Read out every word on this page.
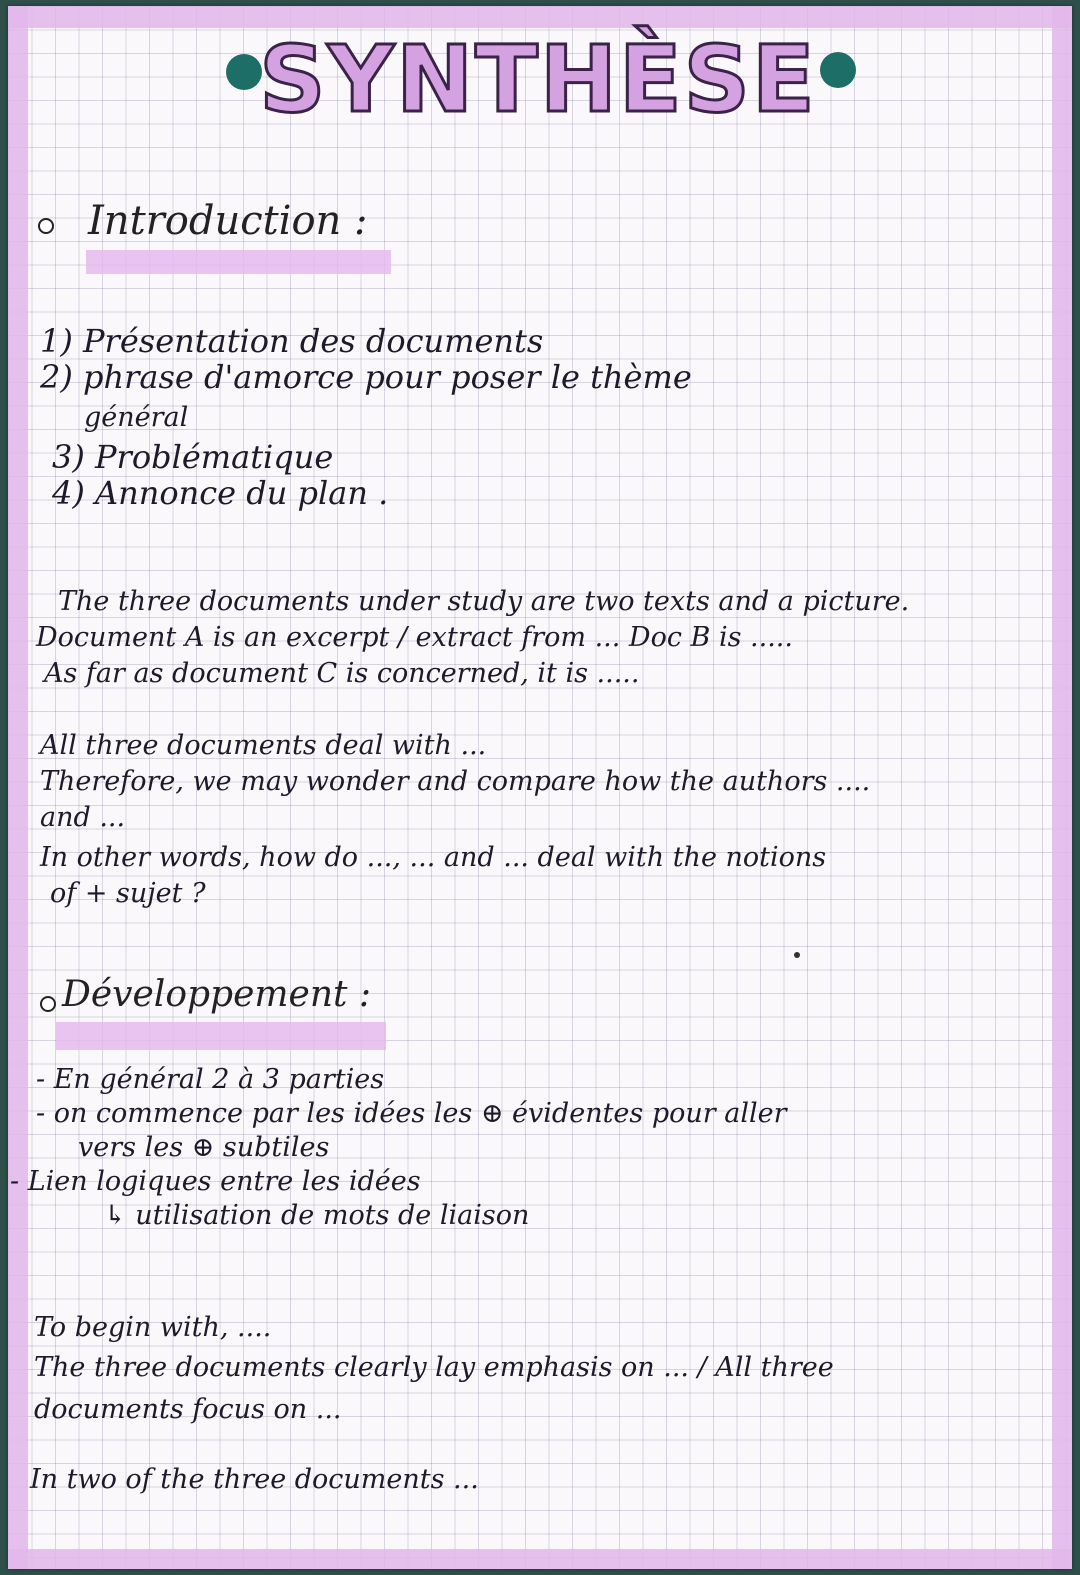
SYNTHÈSE
Introduction :
1) Présentation des documents
2) phrase d'amorce pour poser le thème
général
3) Problématique
4) Annonce du plan .
The three documents under study are two texts and a picture.
Document A is an excerpt / extract from ... Doc B is .....
As far as document C is concerned, it is .....
All three documents deal with ...
Therefore, we may wonder and compare how the authors ....
and ...
In other words, how do ..., ... and ... deal with the notions
of + sujet ?
Développement :
- En général 2 à 3 parties
- on commence par les idées les ⊕ évidentes pour aller
vers les ⊕ subtiles
- Lien logiques entre les idées
↳ utilisation de mots de liaison
To begin with, ....
The three documents clearly lay emphasis on ... / All three
documents focus on ...
In two of the three documents ...
